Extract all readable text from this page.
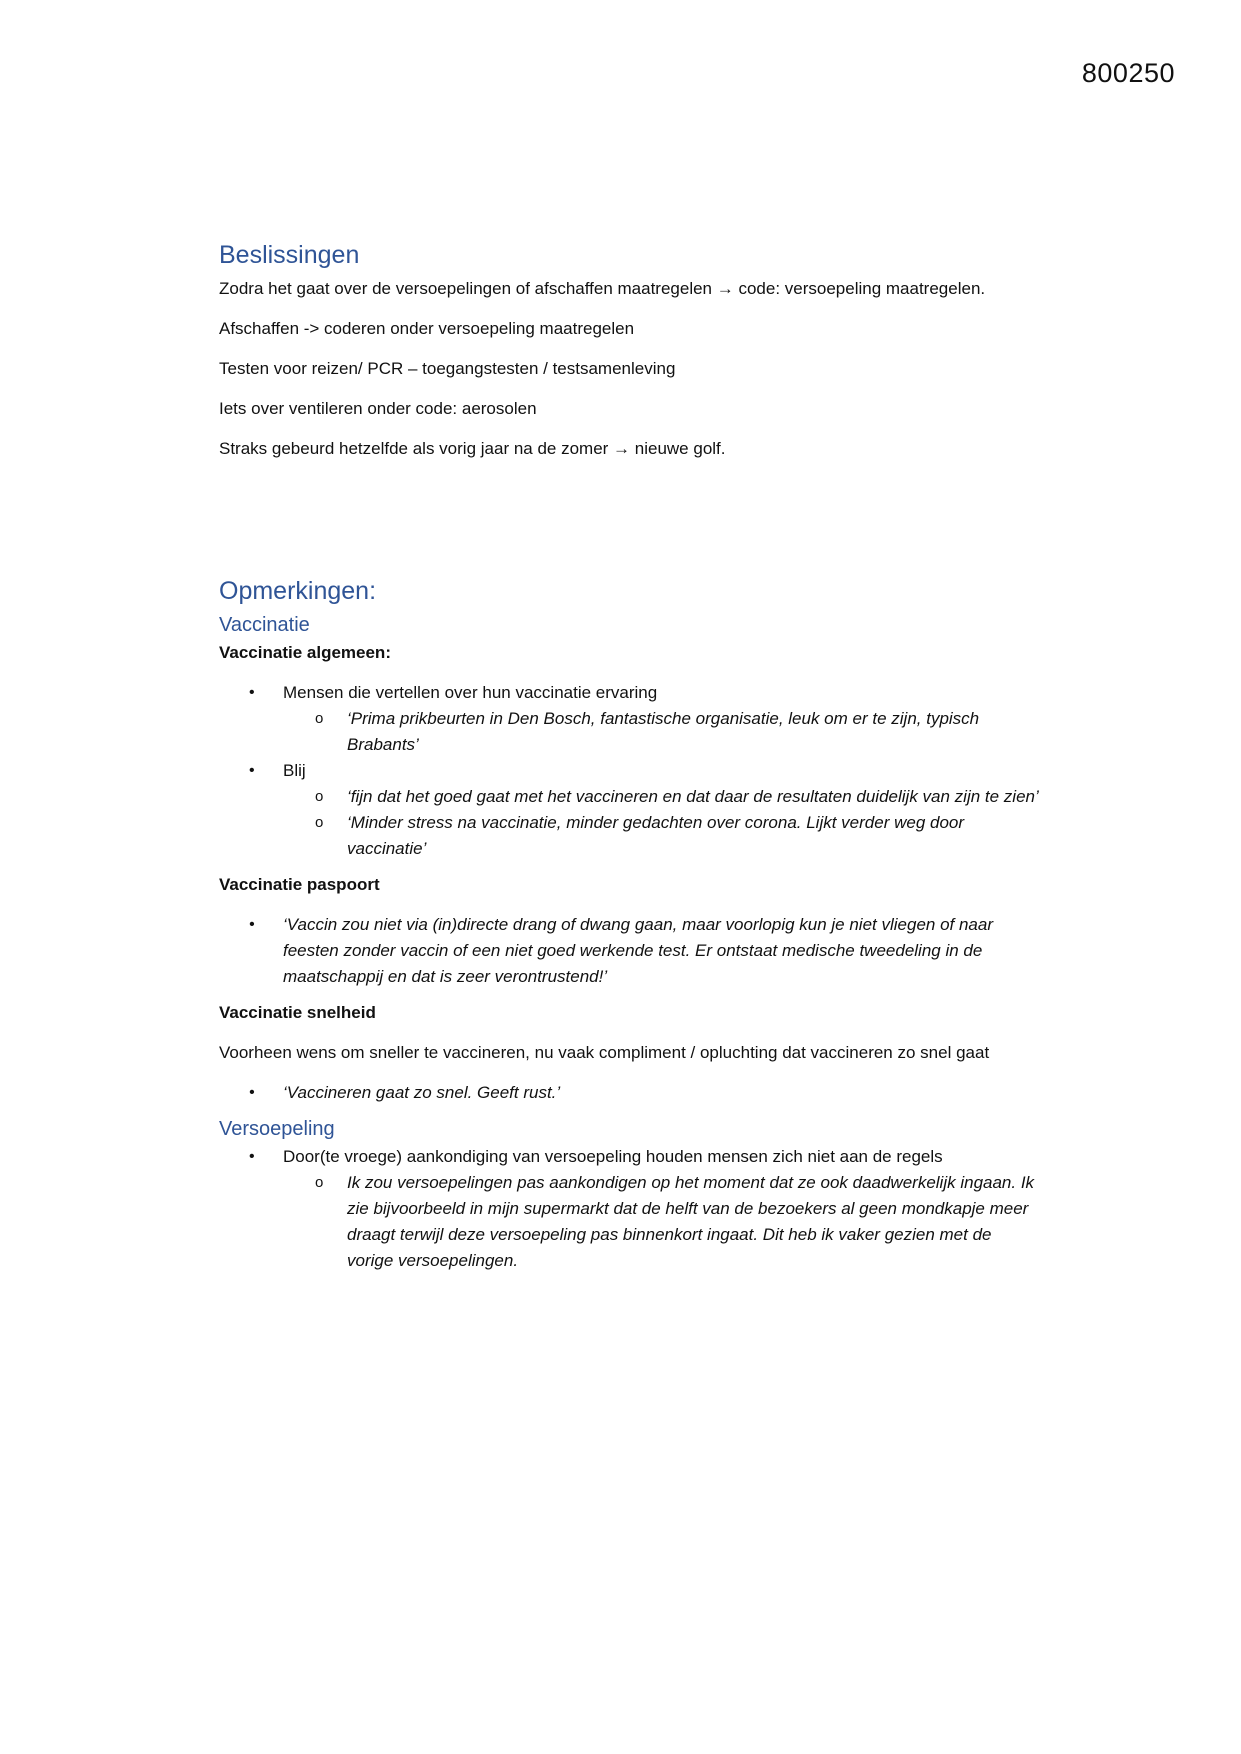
800250
Beslissingen

Zodra het gaat over de versoepelingen of afschaffen maatregelen → code: versoepeling maatregelen.

Afschaffen -> coderen onder versoepeling maatregelen

Testen voor reizen/ PCR – toegangstesten / testsamenleving

Iets over ventileren onder code: aerosolen

Straks gebeurd hetzelfde als vorig jaar na de zomer → nieuwe golf.

Opmerkingen:
Vaccinatie

Vaccinatie algemeen:

• Mensen die vertellen over hun vaccinatie ervaring
o ‘Prima prikbeurten in Den Bosch, fantastische organisatie, leuk om er te zijn, typisch Brabants’
• Blij
o ‘fijn dat het goed gaat met het vaccineren en dat daar de resultaten duidelijk van zijn te zien’
o ‘Minder stress na vaccinatie, minder gedachten over corona. Lijkt verder weg door vaccinatie’

Vaccinatie paspoort

• ‘Vaccin zou niet via (in)directe drang of dwang gaan, maar voorlopig kun je niet vliegen of naar feesten zonder vaccin of een niet goed werkende test. Er ontstaat medische tweedeling in de maatschappij en dat is zeer verontrustend!’

Vaccinatie snelheid

Voorheen wens om sneller te vaccineren, nu vaak compliment / opluchting dat vaccineren zo snel gaat

• ‘Vaccineren gaat zo snel. Geeft rust.’
Versoepeling
• Door(te vroege) aankondiging van versoepeling houden mensen zich niet aan de regels
o Ik zou versoepelingen pas aankondigen op het moment dat ze ook daadwerkelijk ingaan. Ik zie bijvoorbeeld in mijn supermarkt dat de helft van de bezoekers al geen mondkapje meer draagt terwijl deze versoepeling pas binnenkort ingaat. Dit heb ik vaker gezien met de vorige versoepelingen.
